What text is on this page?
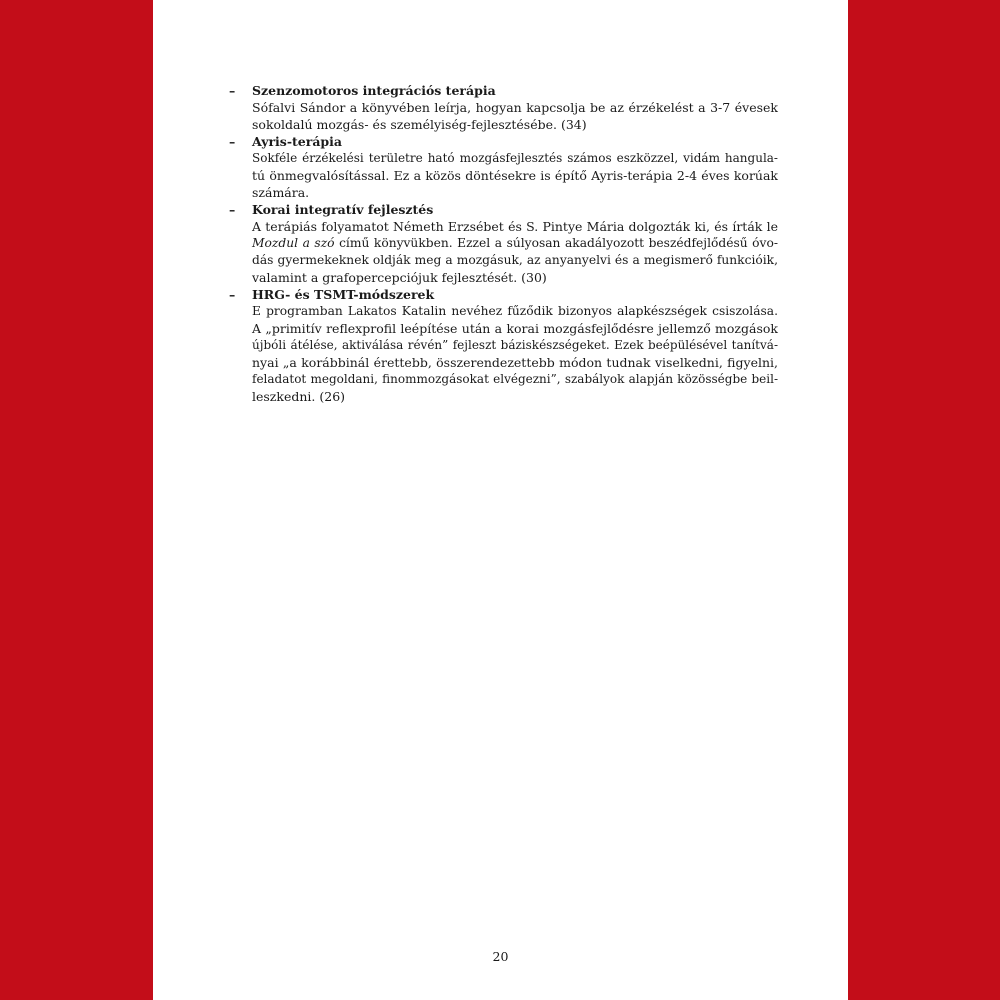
– Szenzomotoros integrációs terápia
Sófalvi Sándor a könyvében leírja, hogyan kapcsolja be az érzékelést a 3-7 évesek
sokoldalú mozgás- és személyiség-fejlesztésébe. (34)
– Ayris-terápia
Sokféle érzékelési területre ható mozgásfejlesztés számos eszközzel, vidám hangula-
tú önmegvalósítással. Ez a közös döntésekre is építő Ayris-terápia 2-4 éves korúak
számára.
– Korai integratív fejlesztés
A terápiás folyamatot Németh Erzsébet és S. Pintye Mária dolgozták ki, és írták le
Mozdul a szó című könyvükben. Ezzel a súlyosan akadályozott beszédfejlődésű óvo-
dás gyermekeknek oldják meg a mozgásuk, az anyanyelvi és a megismerő funkcióik,
valamint a grafopercepciójuk fejlesztését. (30)
– HRG- és TSMT-módszerek
E programban Lakatos Katalin nevéhez fűződik bizonyos alapkészségek csiszolása.
A „primitív reflexprofil leépítése után a korai mozgásfejlődésre jellemző mozgások
újbóli átélése, aktiválása révén” fejleszt báziskészségeket. Ezek beépülésével tanítvá-
nyai „a korábbinál érettebb, összerendezettebb módon tudnak viselkedni, figyelni,
feladatot megoldani, finommozgásokat elvégezni”, szabályok alapján közösségbe beil-
leszkedni. (26)
20
